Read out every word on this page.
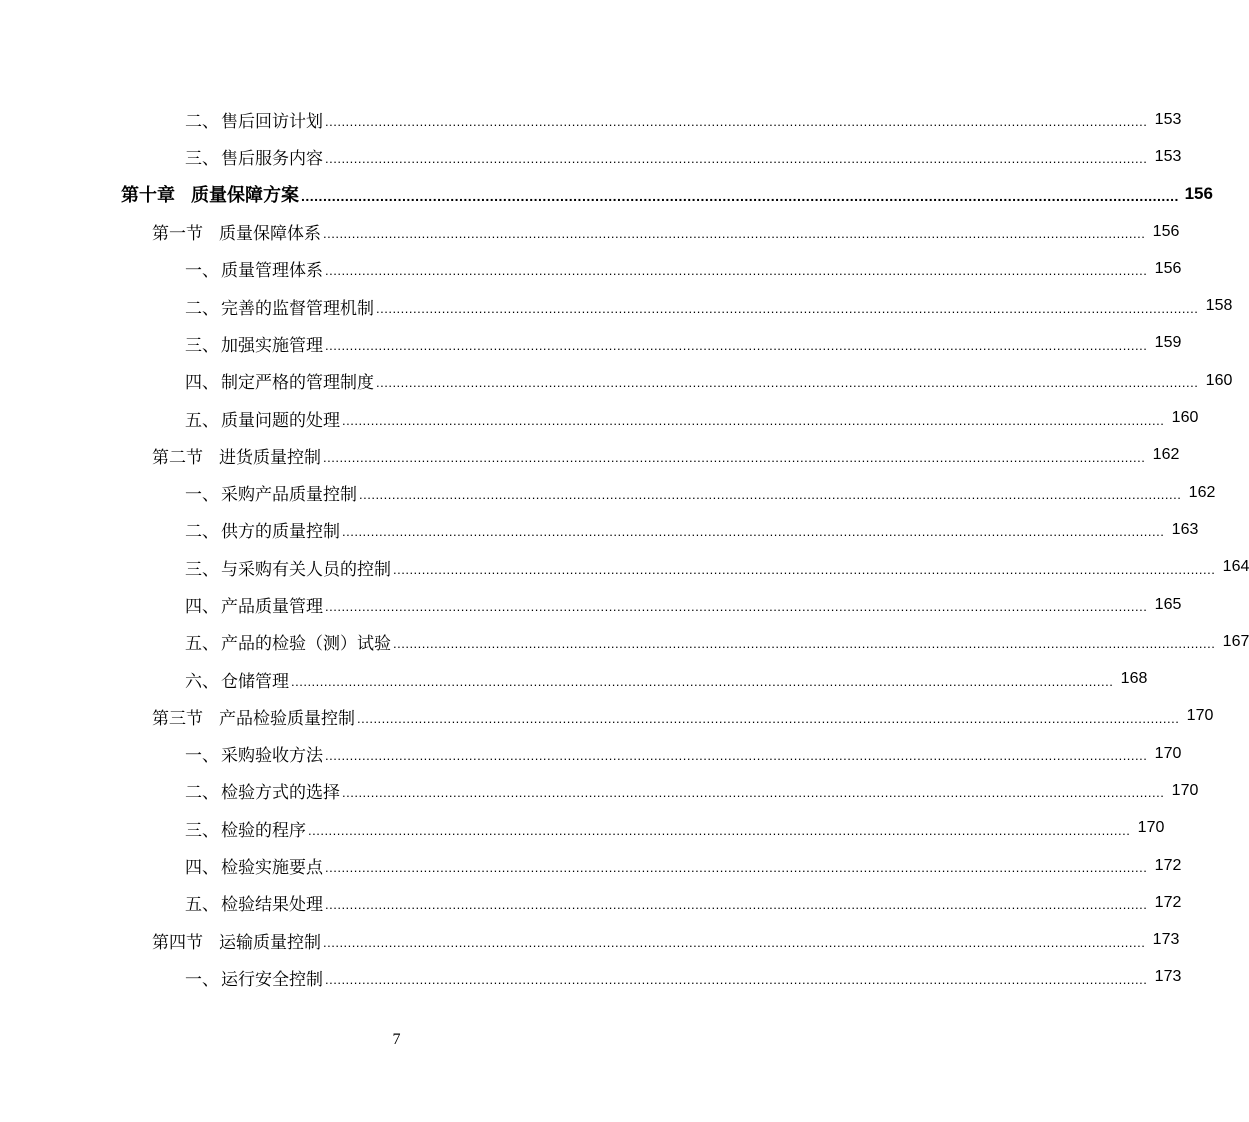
二、 售后回访计划 ........................................................................................................................................................................................................ 153
三、 售后服务内容 ........................................................................................................................................................................................................ 153
第十章 质量保障方案 ........................................................................................................................................................................................................ 156
第一节 质量保障体系 ........................................................................................................................................................................................................ 156
一、 质量管理体系 ........................................................................................................................................................................................................ 156
二、 完善的监督管理机制 ........................................................................................................................................................................................................ 158
三、 加强实施管理 ........................................................................................................................................................................................................ 159
四、 制定严格的管理制度 ........................................................................................................................................................................................................ 160
五、 质量问题的处理 ........................................................................................................................................................................................................ 160
第二节 进货质量控制 ........................................................................................................................................................................................................ 162
一、 采购产品质量控制 ........................................................................................................................................................................................................ 162
二、 供方的质量控制 ........................................................................................................................................................................................................ 163
三、 与采购有关人员的控制 ........................................................................................................................................................................................................ 164
四、 产品质量管理 ........................................................................................................................................................................................................ 165
五、 产品的检验（测）试验 ........................................................................................................................................................................................................ 167
六、 仓储管理 ........................................................................................................................................................................................................ 168
第三节 产品检验质量控制 ........................................................................................................................................................................................................ 170
一、 采购验收方法 ........................................................................................................................................................................................................ 170
二、 检验方式的选择 ........................................................................................................................................................................................................ 170
三、 检验的程序 ........................................................................................................................................................................................................ 170
四、 检验实施要点 ........................................................................................................................................................................................................ 172
五、 检验结果处理 ........................................................................................................................................................................................................ 172
第四节 运输质量控制 ........................................................................................................................................................................................................ 173
一、 运行安全控制 ........................................................................................................................................................................................................ 173
7
